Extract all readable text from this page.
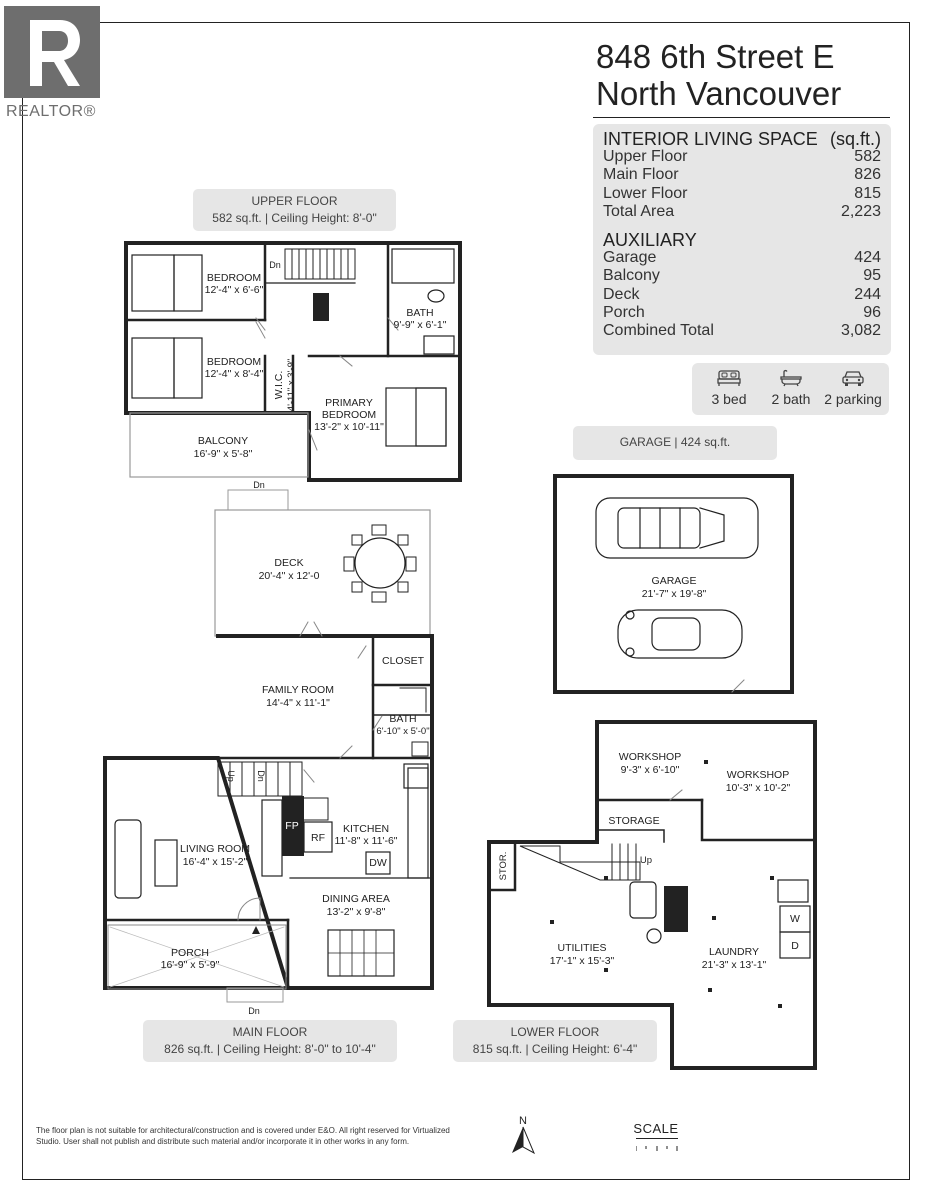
REALTOR®
848 6th Street E
North Vancouver
INTERIOR LIVING SPACE (sq.ft.)
Upper Floor	582
Main Floor	826
Lower Floor	815
Total Area	2,223
AUXILIARY
Garage	424
Balcony	95
Deck	244
Porch	96
Combined Total	3,082
3 bed	2 bath 2 parking
UPPER FLOOR
582 sq.ft. | Ceiling Height: 8'-0"
GARAGE | 424 sq.ft.
MAIN FLOOR
826 sq.ft. | Ceiling Height: 8'-0" to 10'-4"
LOWER FLOOR
815 sq.ft. | Ceiling Height: 6'-4"
BEDROOM
12'-4" x 6'-6"
BEDROOM
12'-4" x 8'-4"
BATH
9'-9" x 6'-1"
W.I.C. 4'-11" x 3'-9"	PRIMARY
BEDROOM
13'-2" x 10'-11"
BALCONY
16'-9" x 5'-8"
Dn
Dn
DECK
20'-4" x 12'-0	GARAGE
21'-7" x 19'-8"
FAMILY ROOM
14'-4" x 11'-1"
CLOSET
BATH
6'-10" x 5'-0"
KITCHEN
11'-8" x 11'-6"
LIVING ROOM
16'-4" x 15'-2"
DINING AREA
13'-2" x 9'-8"
PORCH
16'-9" x 5'-9"
Dn
FP
RF
DW
Dn
Up
WORKSHOP
9'-3" x 6'-10"	WORKSHOP
10'-3" x 10'-2"
STORAGE
STOR.
UTILITIES
17'-1" x 15'-3"
LAUNDRY
21'-3" x 13'-1"
Up
W
D
The floor plan is not suitable for architectural/construction and is covered under E&O. All right reserved for Virtualized Studio. User shall not publish and distribute such material and/or incorporate it in other works in any form.
N	SCALE
